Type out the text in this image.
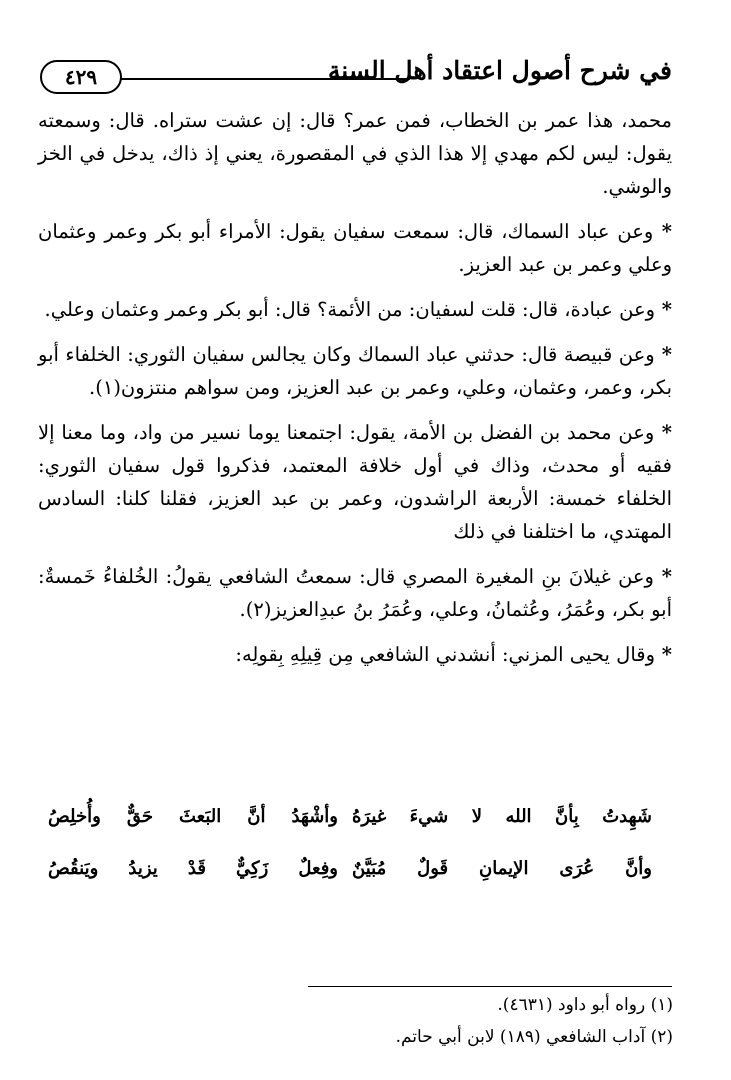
في شرح أصول اعتقاد أهل السنة
٤٢٩

محمد، هذا عمر بن الخطاب، فمن عمر؟ قال: إن عشت ستراه. قال: وسمعته يقول: ليس لكم مهدي إلا هذا الذي في المقصورة، يعني إذ ذاك، يدخل في الخز والوشي.

* وعن عباد السماك، قال: سمعت سفيان يقول: الأمراء أبو بكر وعمر وعثمان وعلي وعمر بن عبد العزيز.

* وعن عبادة، قال: قلت لسفيان: من الأئمة؟ قال: أبو بكر وعمر وعثمان وعلي.

* وعن قبيصة قال: حدثني عباد السماك وكان يجالس سفيان الثوري: الخلفاء أبو بكر، وعمر، وعثمان، وعلي، وعمر بن عبد العزيز، ومن سواهم منتزون(١).

* وعن محمد بن الفضل بن الأمة، يقول: اجتمعنا يوما نسير من واد، وما معنا إلا فقيه أو محدث، وذاك في أول خلافة المعتمد، فذكروا قول سفيان الثوري: الخلفاء خمسة: الأربعة الراشدون، وعمر بن عبد العزيز، فقلنا كلنا: السادس المهتدي، ما اختلفنا في ذلك

* وعن غيلانَ بنِ المغيرة المصري قال: سمعتُ الشافعي يقولُ: الخُلفاءُ خَمسةٌ: أبو بكر، وعُمَرُ، وعُثمانُ، وعلي، وعُمَرُ بنُ عبدِالعزيز(٢).

* وقال يحيى المزني: أنشدني الشافعي مِن قِيلِهِ بِقولِه:

شَهِدتُ بِأنَّ الله لا شيءَ غيرَهُ
وأشْهَدُ أنَّ البَعثَ حَقٌّ وأُخلِصُ
وأنَّ عُرَى الإيمانِ قَولٌ مُبَيَّنٌ
وفِعلٌ زَكِيٌّ قَدْ يزيدُ ويَنقُصُ
(١) رواه أبو داود (٤٦٣١).
(٢) آداب الشافعي (١٨٩) لابن أبي حاتم.
